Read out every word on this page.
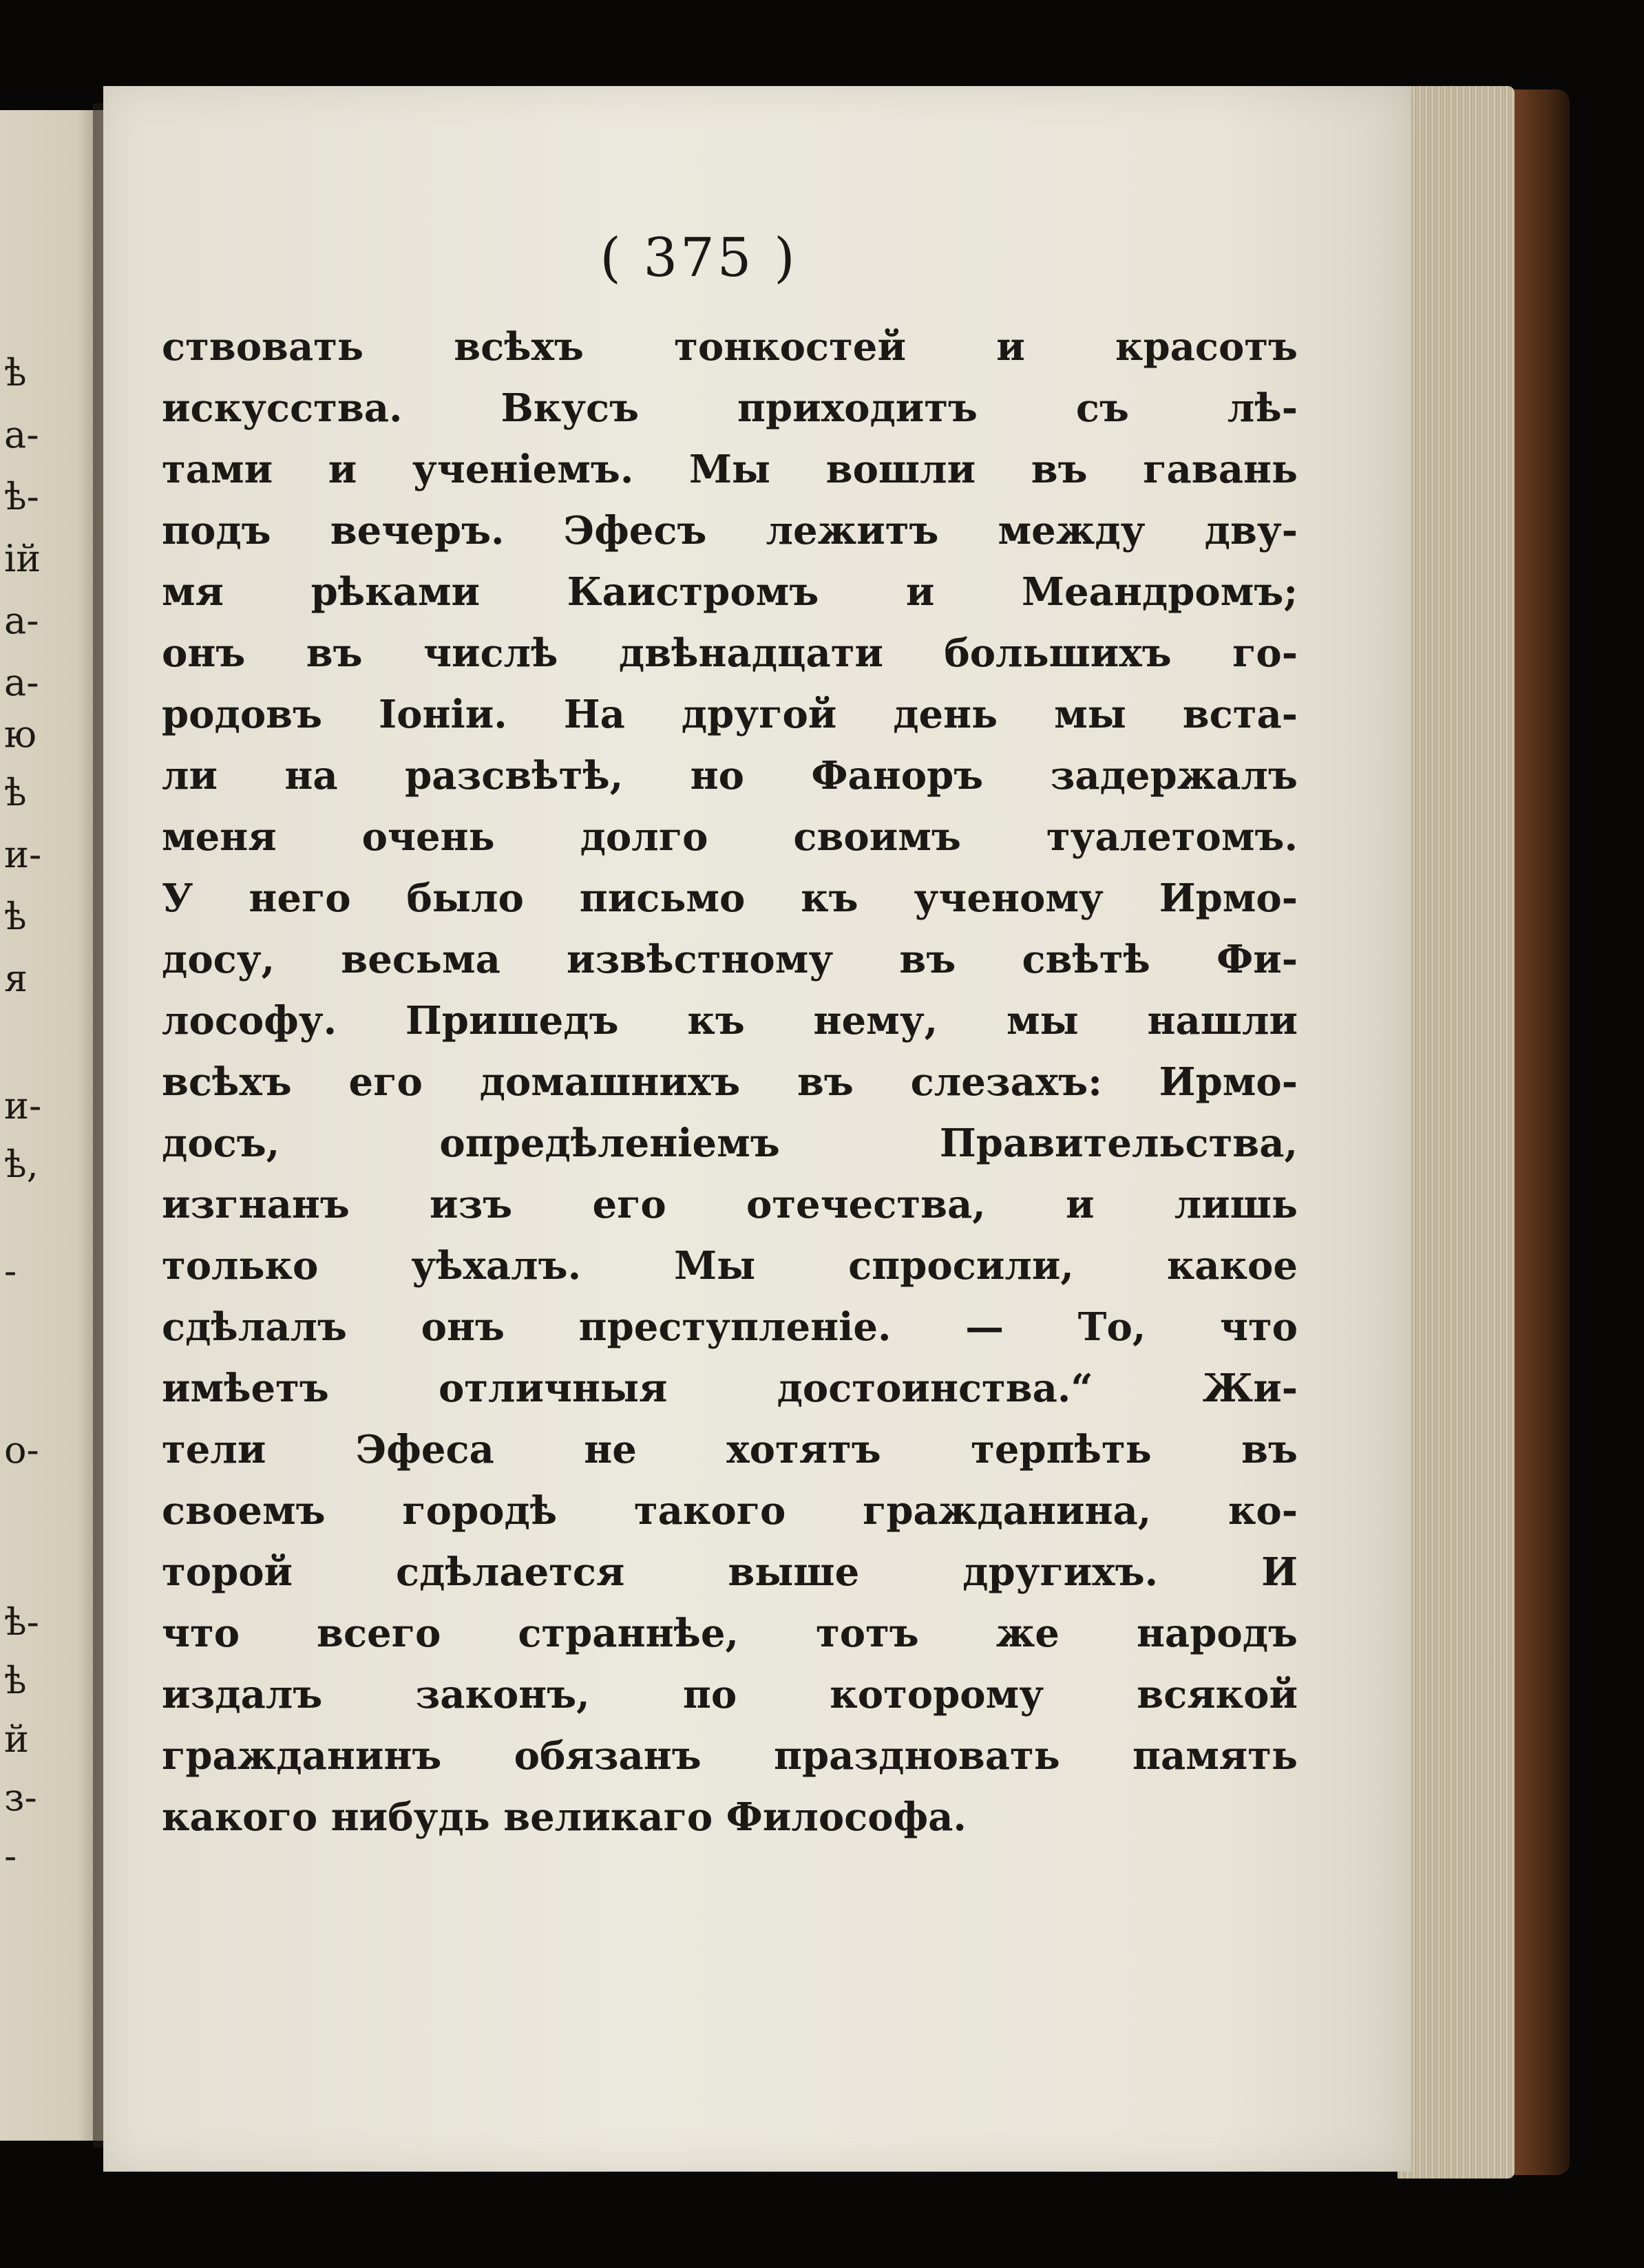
ѣ
а-
ѣ-
ій
а-
а-
ю
ѣ
и-
ѣ
я
и-
ѣ,
-
о-
ѣ-
ѣ
й
з-
-
( 375 )
ствовать всѣхъ тонкостей и красотъ
искусства. Вкусъ приходитъ съ лѣ-
тами и ученіемъ. Мы вошли въ гавань
подъ вечеръ. Эфесъ лежитъ между дву-
мя рѣками Каистромъ и Меандромъ;
онъ въ числѣ двѣнадцати большихъ го-
родовъ Іоніи. На другой день мы вста-
ли на разсвѣтѣ, но Фаноръ задержалъ
меня очень долго своимъ туалетомъ.
У него было письмо къ ученому Ирмо-
досу, весьма извѣстному въ свѣтѣ Фи-
лософу. Пришедъ къ нему, мы нашли
всѣхъ его домашнихъ въ слезахъ: Ирмо-
досъ, опредѣленіемъ Правительства,
изгнанъ изъ его отечества, и лишь
только уѣхалъ. Мы спросили, какое
сдѣлалъ онъ преступленіе. — То, что
имѣетъ отличныя достоинства.“ Жи-
тели Эфеса не хотятъ терпѣть въ
своемъ городѣ такого гражданина, ко-
торой сдѣлается выше другихъ. И
что всего страннѣе, тотъ же народъ
издалъ законъ, по которому всякой
гражданинъ обязанъ праздновать память
какого нибудь великаго Философа.
